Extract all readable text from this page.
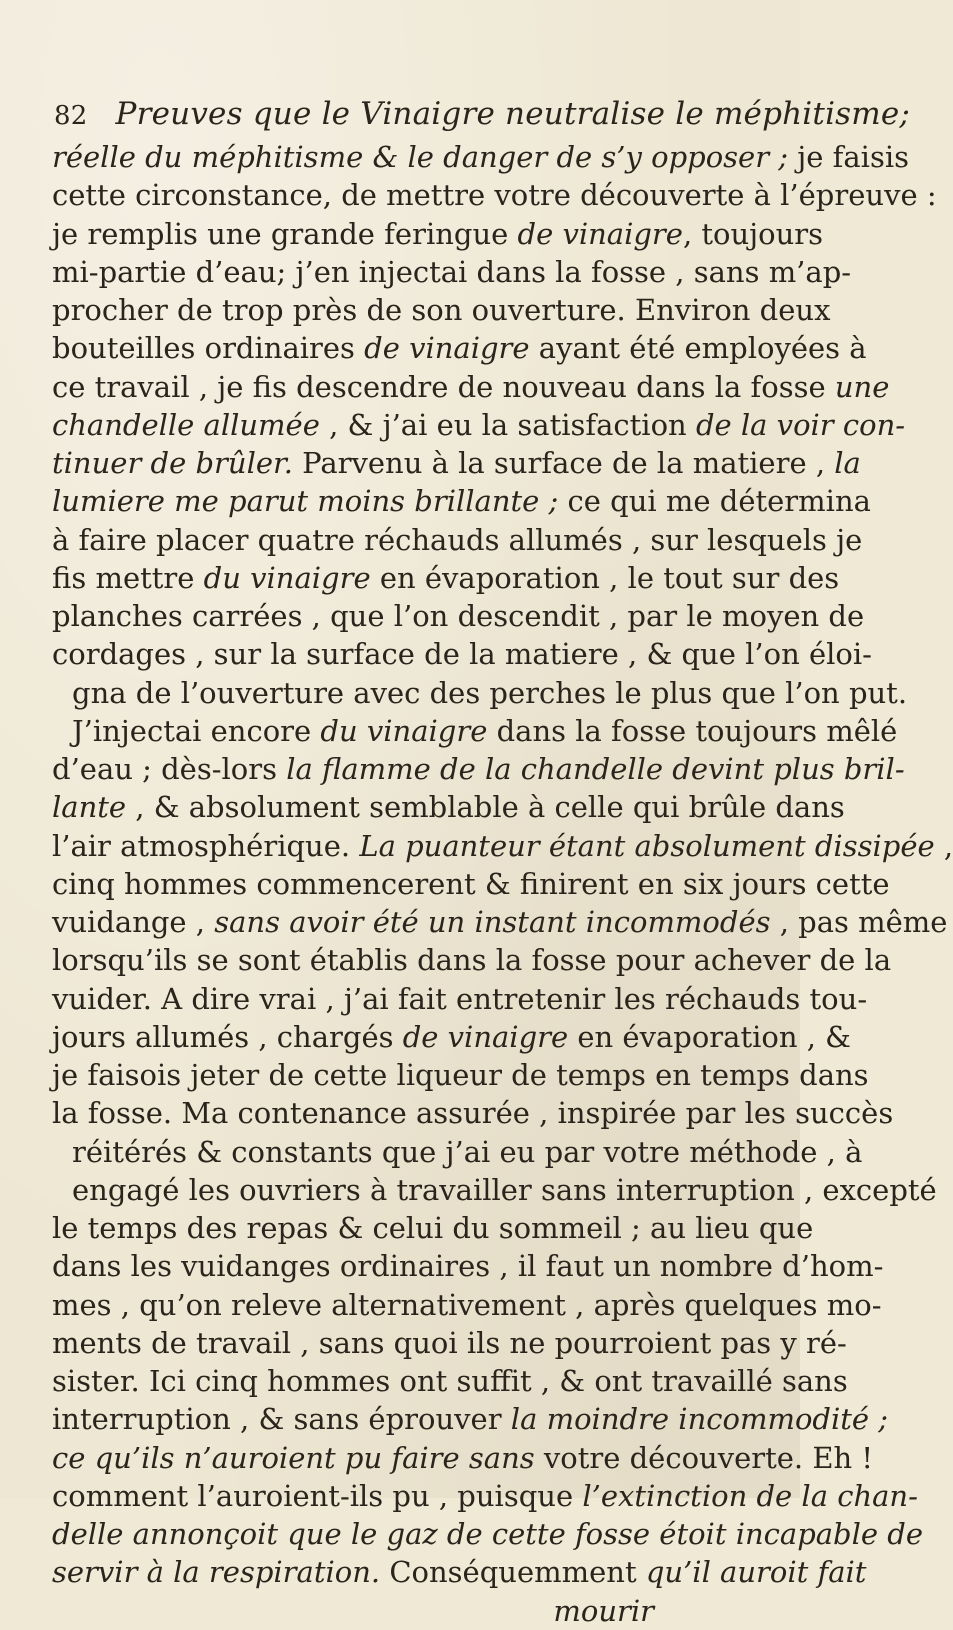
82 Preuves que le Vinaigre neutralise le méphitisme;
réelle du méphitisme & le danger de s’y opposer ; je faisis
cette circonstance, de mettre votre découverte à l’épreuve :
je remplis une grande feringue de vinaigre, toujours
mi-partie d’eau; j’en injectai dans la fosse , sans m’ap-
procher de trop près de son ouverture. Environ deux
bouteilles ordinaires de vinaigre ayant été employées à
ce travail , je fis descendre de nouveau dans la fosse une
chandelle allumée , & j’ai eu la satisfaction de la voir con-
tinuer de brûler. Parvenu à la surface de la matiere , la
lumiere me parut moins brillante ; ce qui me détermina
à faire placer quatre réchauds allumés , sur lesquels je
fis mettre du vinaigre en évaporation , le tout sur des
planches carrées , que l’on descendit , par le moyen de
cordages , sur la surface de la matiere , & que l’on éloi-
gna de l’ouverture avec des perches le plus que l’on put.
J’injectai encore du vinaigre dans la fosse toujours mêlé
d’eau ; dès-lors la flamme de la chandelle devint plus bril-
lante , & absolument semblable à celle qui brûle dans
l’air atmosphérique. La puanteur étant absolument dissipée ,
cinq hommes commencerent & finirent en six jours cette
vuidange , sans avoir été un instant incommodés , pas même
lorsqu’ils se sont établis dans la fosse pour achever de la
vuider. A dire vrai , j’ai fait entretenir les réchauds tou-
jours allumés , chargés de vinaigre en évaporation , &
je faisois jeter de cette liqueur de temps en temps dans
la fosse. Ma contenance assurée , inspirée par les succès
réitérés & constants que j’ai eu par votre méthode , à
engagé les ouvriers à travailler sans interruption , excepté
le temps des repas & celui du sommeil ; au lieu que
dans les vuidanges ordinaires , il faut un nombre d’hom-
mes , qu’on releve alternativement , après quelques mo-
ments de travail , sans quoi ils ne pourroient pas y ré-
sister. Ici cinq hommes ont suffit , & ont travaillé sans
interruption , & sans éprouver la moindre incommodité ;
ce qu’ils n’auroient pu faire sans votre découverte. Eh !
comment l’auroient-ils pu , puisque l’extinction de la chan-
delle annonçoit que le gaz de cette fosse étoit incapable de
servir à la respiration. Conséquemment qu’il auroit fait
mourir
